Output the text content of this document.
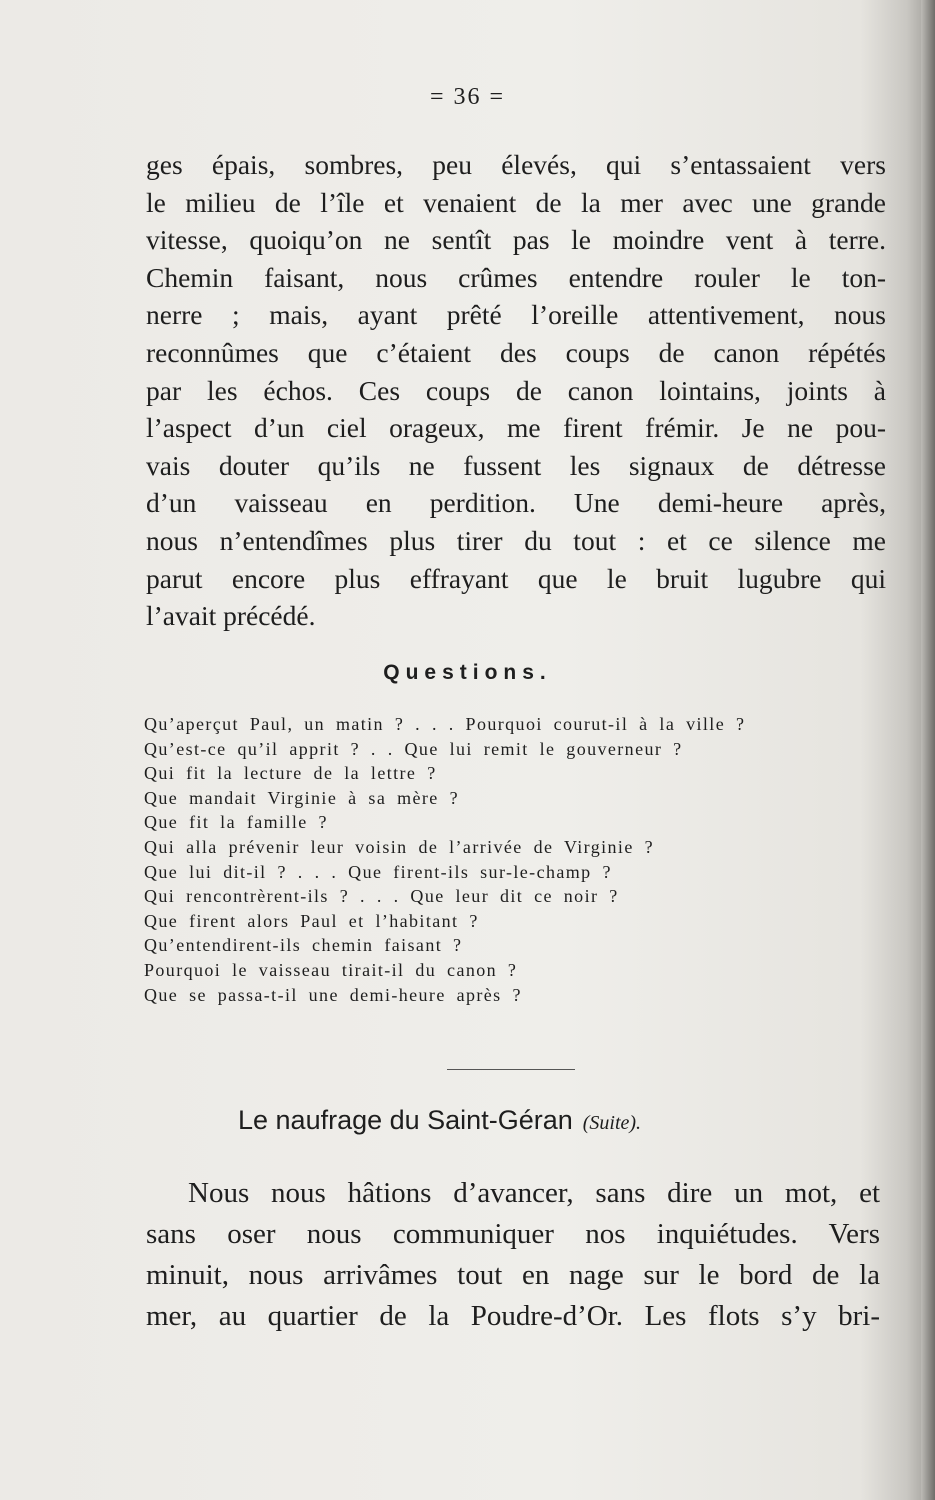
= 36 =
ges épais, sombres, peu élevés, qui s’entassaient vers
le milieu de l’île et venaient de la mer avec une grande
vitesse, quoiqu’on ne sentît pas le moindre vent à terre.
Chemin faisant, nous crûmes entendre rouler le ton-
nerre ; mais, ayant prêté l’oreille attentivement, nous
reconnûmes que c’étaient des coups de canon répétés
par les échos. Ces coups de canon lointains, joints à
l’aspect d’un ciel orageux, me firent frémir. Je ne pou-
vais douter qu’ils ne fussent les signaux de détresse
d’un vaisseau en perdition. Une demi-heure après,
nous n’entendîmes plus tirer du tout : et ce silence me
parut encore plus effrayant que le bruit lugubre qui
l’avait précédé.
Questions.
Qu’aperçut Paul, un matin ? . . . Pourquoi courut-il à la ville ?
Qu’est-ce qu’il apprit ? . . Que lui remit le gouverneur ?
Qui fit la lecture de la lettre ?
Que mandait Virginie à sa mère ?
Que fit la famille ?
Qui alla prévenir leur voisin de l’arrivée de Virginie ?
Que lui dit-il ? . . . Que firent-ils sur-le-champ ?
Qui rencontrèrent-ils ? . . . Que leur dit ce noir ?
Que firent alors Paul et l’habitant ?
Qu’entendirent-ils chemin faisant ?
Pourquoi le vaisseau tirait-il du canon ?
Que se passa-t-il une demi-heure après ?
Le naufrage du Saint-Géran (Suite).
Nous nous hâtions d’avancer, sans dire un mot, et
sans oser nous communiquer nos inquiétudes. Vers
minuit, nous arrivâmes tout en nage sur le bord de la
mer, au quartier de la Poudre-d’Or. Les flots s’y bri-
